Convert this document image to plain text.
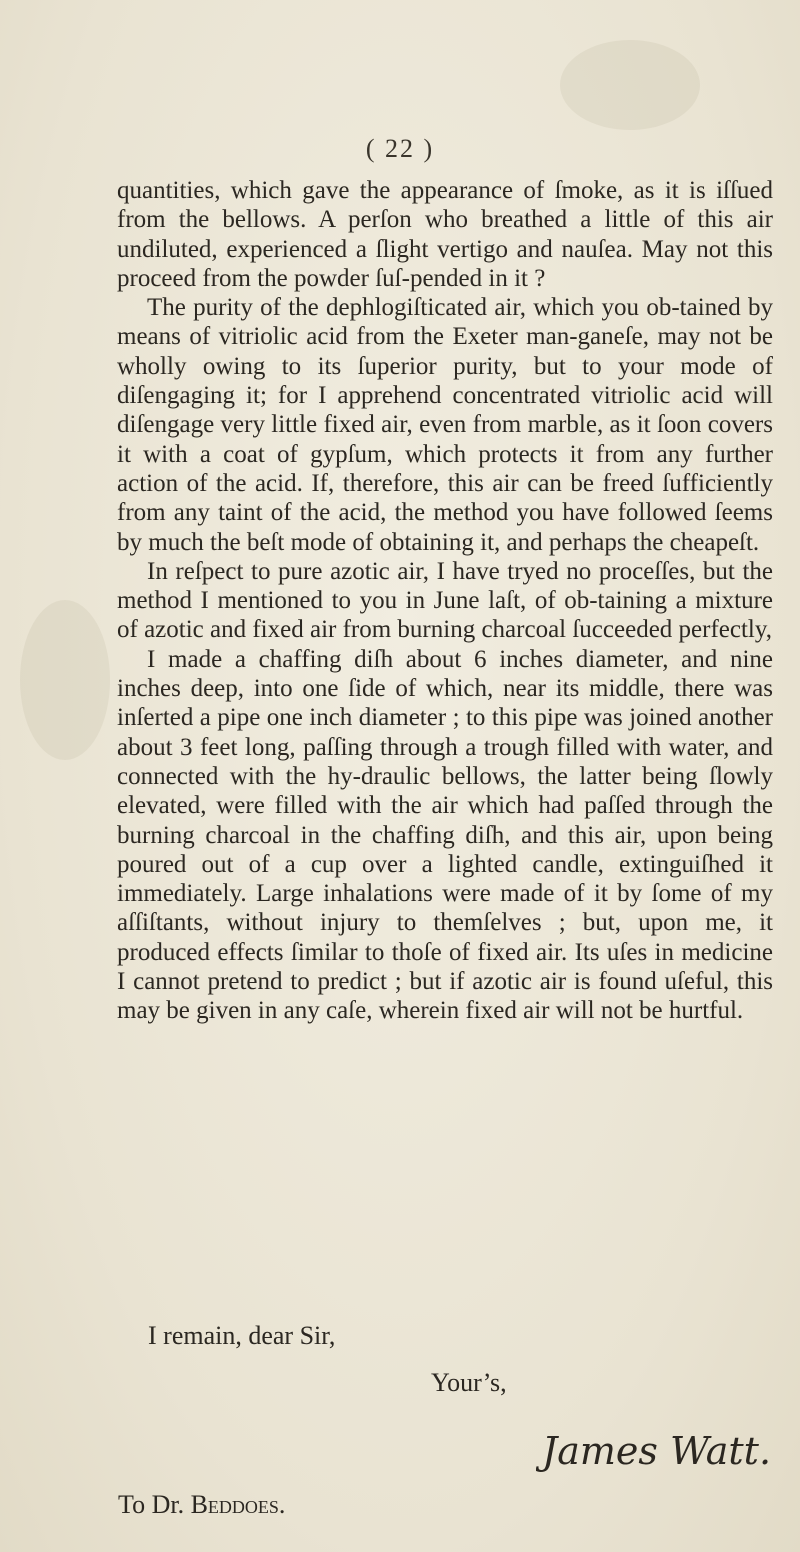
( 22 )

quantities, which gave the appearance of ſmoke, as it is iſſued from the bellows. A perſon who breathed a little of this air undiluted, experienced a ſlight vertigo and nauſea. May not this proceed from the powder ſuſ-pended in it ?

The purity of the dephlogiſticated air, which you ob-tained by means of vitriolic acid from the Exeter man-ganeſe, may not be wholly owing to its ſuperior purity, but to your mode of diſengaging it; for I apprehend concentrated vitriolic acid will diſengage very little fixed air, even from marble, as it ſoon covers it with a coat of gypſum, which protects it from any further action of the acid. If, therefore, this air can be freed ſufficiently from any taint of the acid, the method you have followed ſeems by much the beſt mode of obtaining it, and perhaps the cheapeſt.

In reſpect to pure azotic air, I have tryed no proceſſes, but the method I mentioned to you in June laſt, of ob-taining a mixture of azotic and fixed air from burning charcoal ſucceeded perfectly,

I made a chaffing diſh about 6 inches diameter, and nine inches deep, into one ſide of which, near its middle, there was inſerted a pipe one inch diameter ; to this pipe was joined another about 3 feet long, paſſing through a trough filled with water, and connected with the hy-draulic bellows, the latter being ſlowly elevated, were filled with the air which had paſſed through the burning charcoal in the chaffing diſh, and this air, upon being poured out of a cup over a lighted candle, extinguiſhed it immediately. Large inhalations were made of it by ſome of my aſſiſtants, without injury to themſelves ; but, upon me, it produced effects ſimilar to thoſe of fixed air. Its uſes in medicine I cannot pretend to predict ; but if azotic air is found uſeful, this may be given in any caſe, wherein fixed air will not be hurtful.

I remain, dear Sir,
Your’s,
James Watt.
To Dr. Beddoes.
